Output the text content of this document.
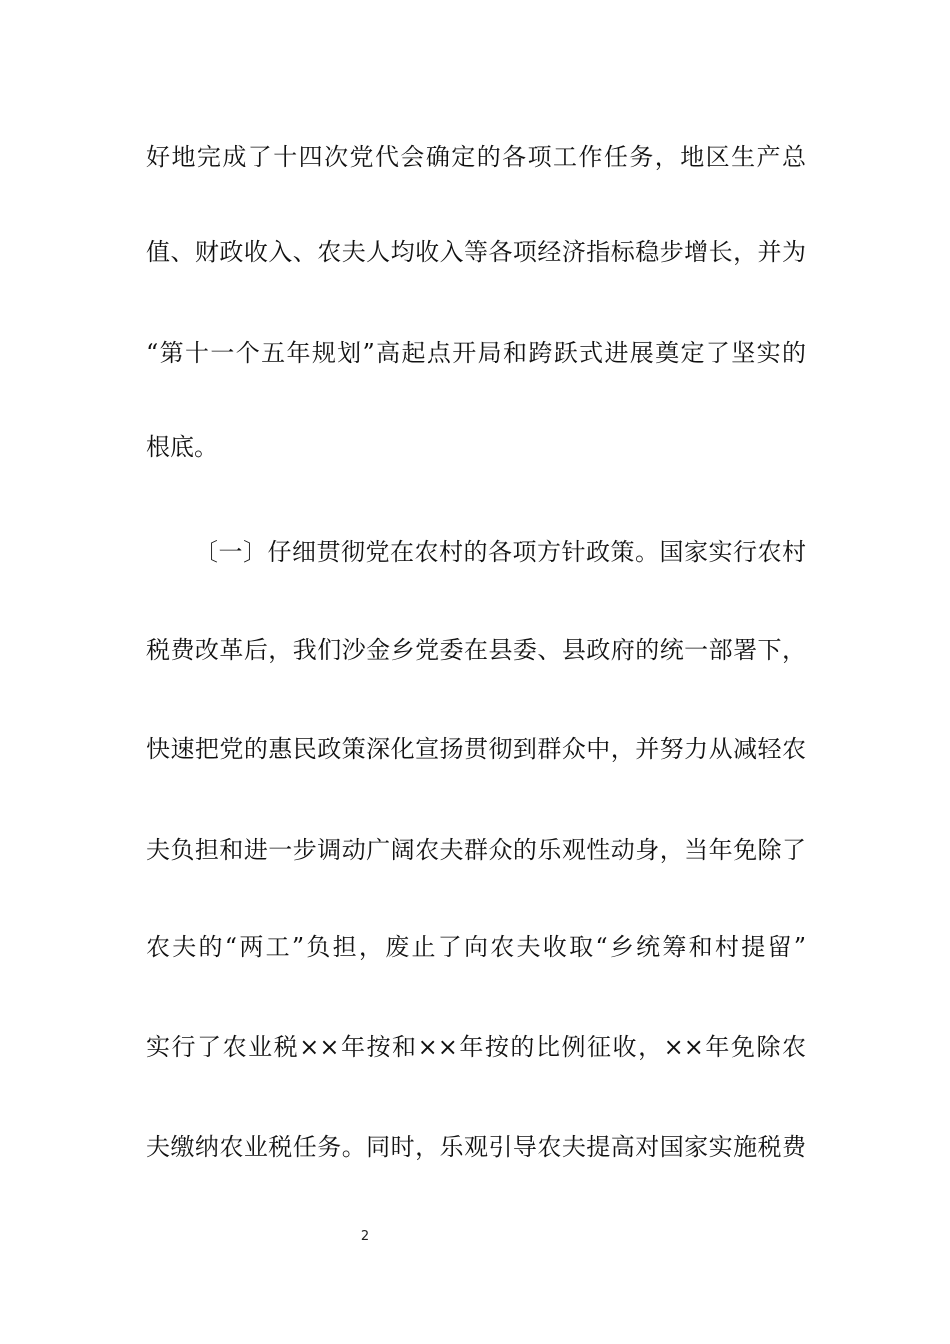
好地完成了十四次党代会确定的各项工作任务，地区生产总
值、财政收入、农夫人均收入等各项经济指标稳步增长，并为
“第十一个五年规划”高起点开局和跨跃式进展奠定了坚实的
根底。
〔一〕仔细贯彻党在农村的各项方针政策。国家实行农村
税费改革后，我们沙金乡党委在县委、县政府的统一部署下，
快速把党的惠民政策深化宣扬贯彻到群众中，并努力从减轻农
夫负担和进一步调动广阔农夫群众的乐观性动身，当年免除了
农夫的“两工”负担，废止了向农夫收取“乡统筹和村提留”
实行了农业税××年按和××年按的比例征收，××年免除农
夫缴纳农业税任务。同时，乐观引导农夫提高对国家实施税费
2
